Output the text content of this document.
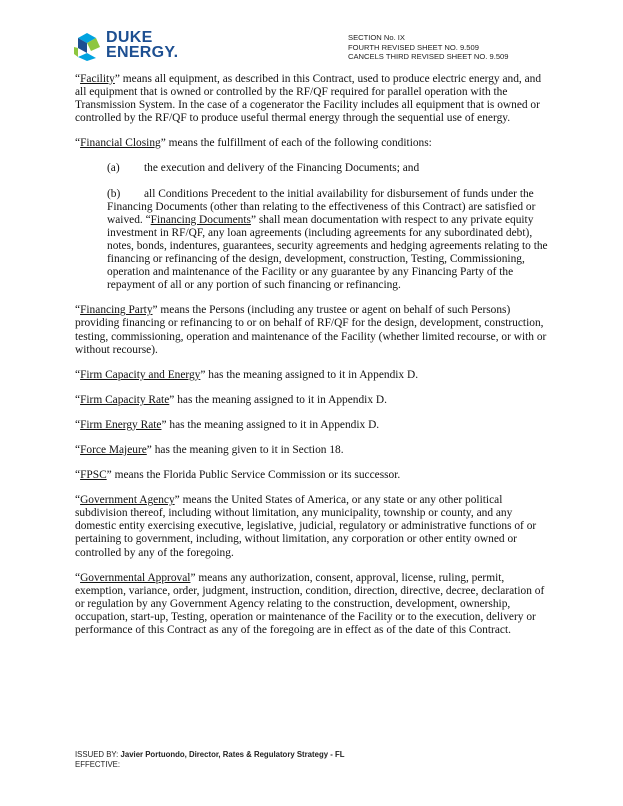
DUKE
ENERGY.
SECTION No. IX
FOURTH REVISED SHEET NO. 9.509
CANCELS THIRD REVISED SHEET NO. 9.509

“Facility” means all equipment, as described in this Contract, used to produce electric energy and, and all equipment that is owned or controlled by the RF/QF required for parallel operation with the Transmission System. In the case of a cogenerator the Facility includes all equipment that is owned or controlled by the RF/QF to produce useful thermal energy through the sequential use of energy.

“Financial Closing” means the fulfillment of each of the following conditions:

(a) the execution and delivery of the Financing Documents; and

(b) all Conditions Precedent to the initial availability for disbursement of funds under the Financing Documents (other than relating to the effectiveness of this Contract) are satisfied or waived. “Financing Documents” shall mean documentation with respect to any private equity investment in RF/QF, any loan agreements (including agreements for any subordinated debt), notes, bonds, indentures, guarantees, security agreements and hedging agreements relating to the financing or refinancing of the design, development, construction, Testing, Commissioning, operation and maintenance of the Facility or any guarantee by any Financing Party of the repayment of all or any portion of such financing or refinancing.

“Financing Party” means the Persons (including any trustee or agent on behalf of such Persons) providing financing or refinancing to or on behalf of RF/QF for the design, development, construction, testing, commissioning, operation and maintenance of the Facility (whether limited recourse, or with or without recourse).

“Firm Capacity and Energy” has the meaning assigned to it in Appendix D.

“Firm Capacity Rate” has the meaning assigned to it in Appendix D.

“Firm Energy Rate” has the meaning assigned to it in Appendix D.

“Force Majeure” has the meaning given to it in Section 18.

“FPSC” means the Florida Public Service Commission or its successor.

“Government Agency” means the United States of America, or any state or any other political subdivision thereof, including without limitation, any municipality, township or county, and any domestic entity exercising executive, legislative, judicial, regulatory or administrative functions of or pertaining to government, including, without limitation, any corporation or other entity owned or controlled by any of the foregoing.

“Governmental Approval” means any authorization, consent, approval, license, ruling, permit, exemption, variance, order, judgment, instruction, condition, direction, directive, decree, declaration of or regulation by any Government Agency relating to the construction, development, ownership, occupation, start-up, Testing, operation or maintenance of the Facility or to the execution, delivery or performance of this Contract as any of the foregoing are in effect as of the date of this Contract.

ISSUED BY: Javier Portuondo, Director, Rates & Regulatory Strategy - FL
EFFECTIVE:
